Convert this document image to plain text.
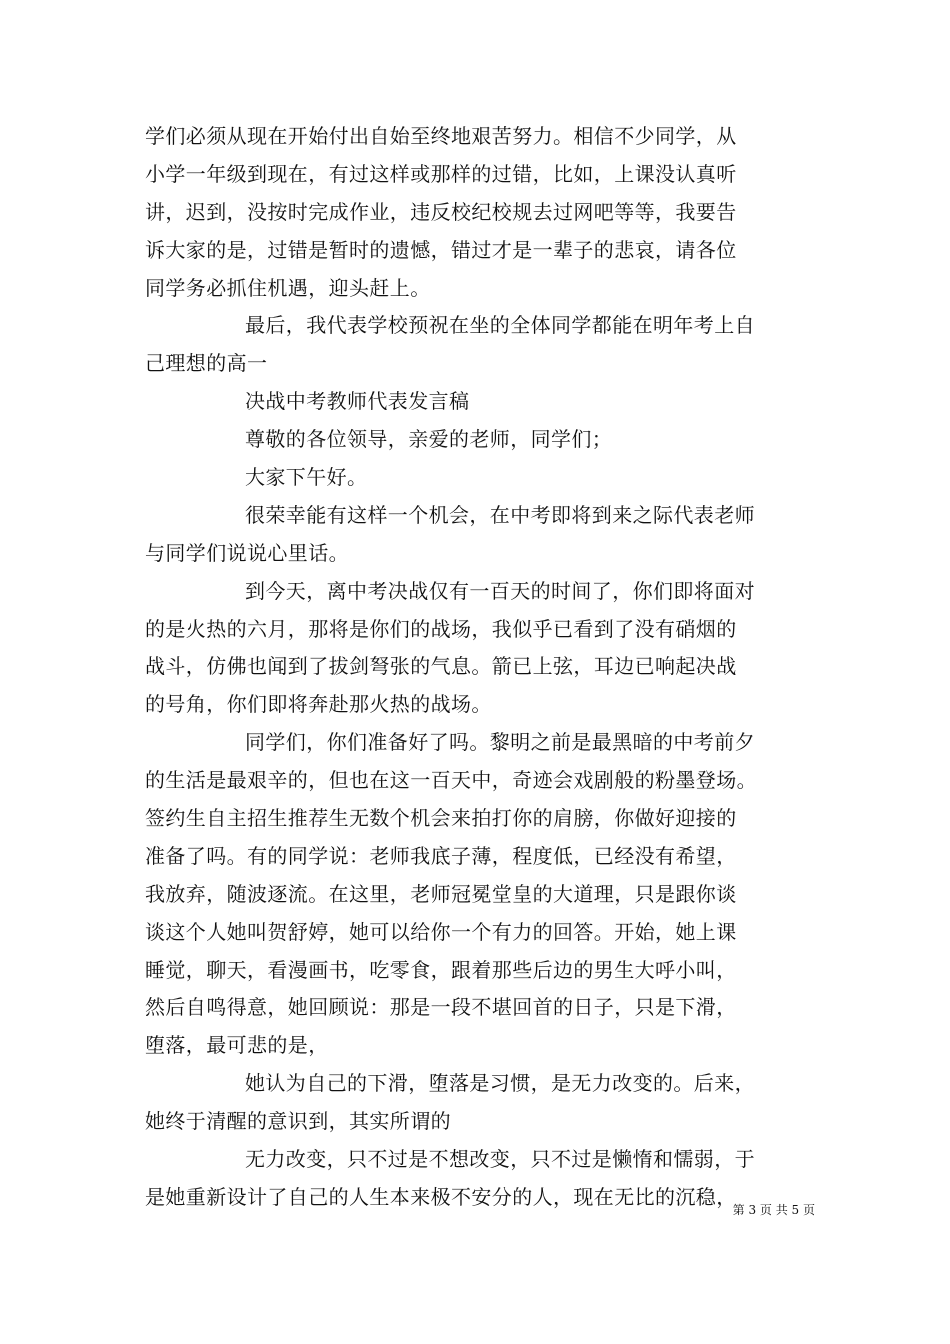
学们必须从现在开始付出自始至终地艰苦努力。相信不少同学，从
小学一年级到现在，有过这样或那样的过错，比如，上课没认真听
讲，迟到，没按时完成作业，违反校纪校规去过网吧等等，我要告
诉大家的是，过错是暂时的遗憾，错过才是一辈子的悲哀，请各位
同学务必抓住机遇，迎头赶上。
最后，我代表学校预祝在坐的全体同学都能在明年考上自
己理想的高一
决战中考教师代表发言稿
尊敬的各位领导，亲爱的老师，同学们；
大家下午好。
很荣幸能有这样一个机会，在中考即将到来之际代表老师
与同学们说说心里话。
到今天，离中考决战仅有一百天的时间了，你们即将面对
的是火热的六月，那将是你们的战场，我似乎已看到了没有硝烟的
战斗，仿佛也闻到了拔剑弩张的气息。箭已上弦，耳边已响起决战
的号角，你们即将奔赴那火热的战场。
同学们，你们准备好了吗。黎明之前是最黑暗的中考前夕
的生活是最艰辛的，但也在这一百天中，奇迹会戏剧般的粉墨登场。
签约生自主招生推荐生无数个机会来拍打你的肩膀，你做好迎接的
准备了吗。有的同学说：老师我底子薄，程度低，已经没有希望，
我放弃，随波逐流。在这里，老师冠冕堂皇的大道理，只是跟你谈
谈这个人她叫贺舒婷，她可以给你一个有力的回答。开始，她上课
睡觉，聊天，看漫画书，吃零食，跟着那些后边的男生大呼小叫，
然后自鸣得意，她回顾说：那是一段不堪回首的日子，只是下滑，
堕落，最可悲的是，
她认为自己的下滑，堕落是习惯，是无力改变的。后来，
她终于清醒的意识到，其实所谓的
无力改变，只不过是不想改变，只不过是懒惰和懦弱，于
是她重新设计了自己的人生本来极不安分的人，现在无比的沉稳，
第 3 页 共 5 页
